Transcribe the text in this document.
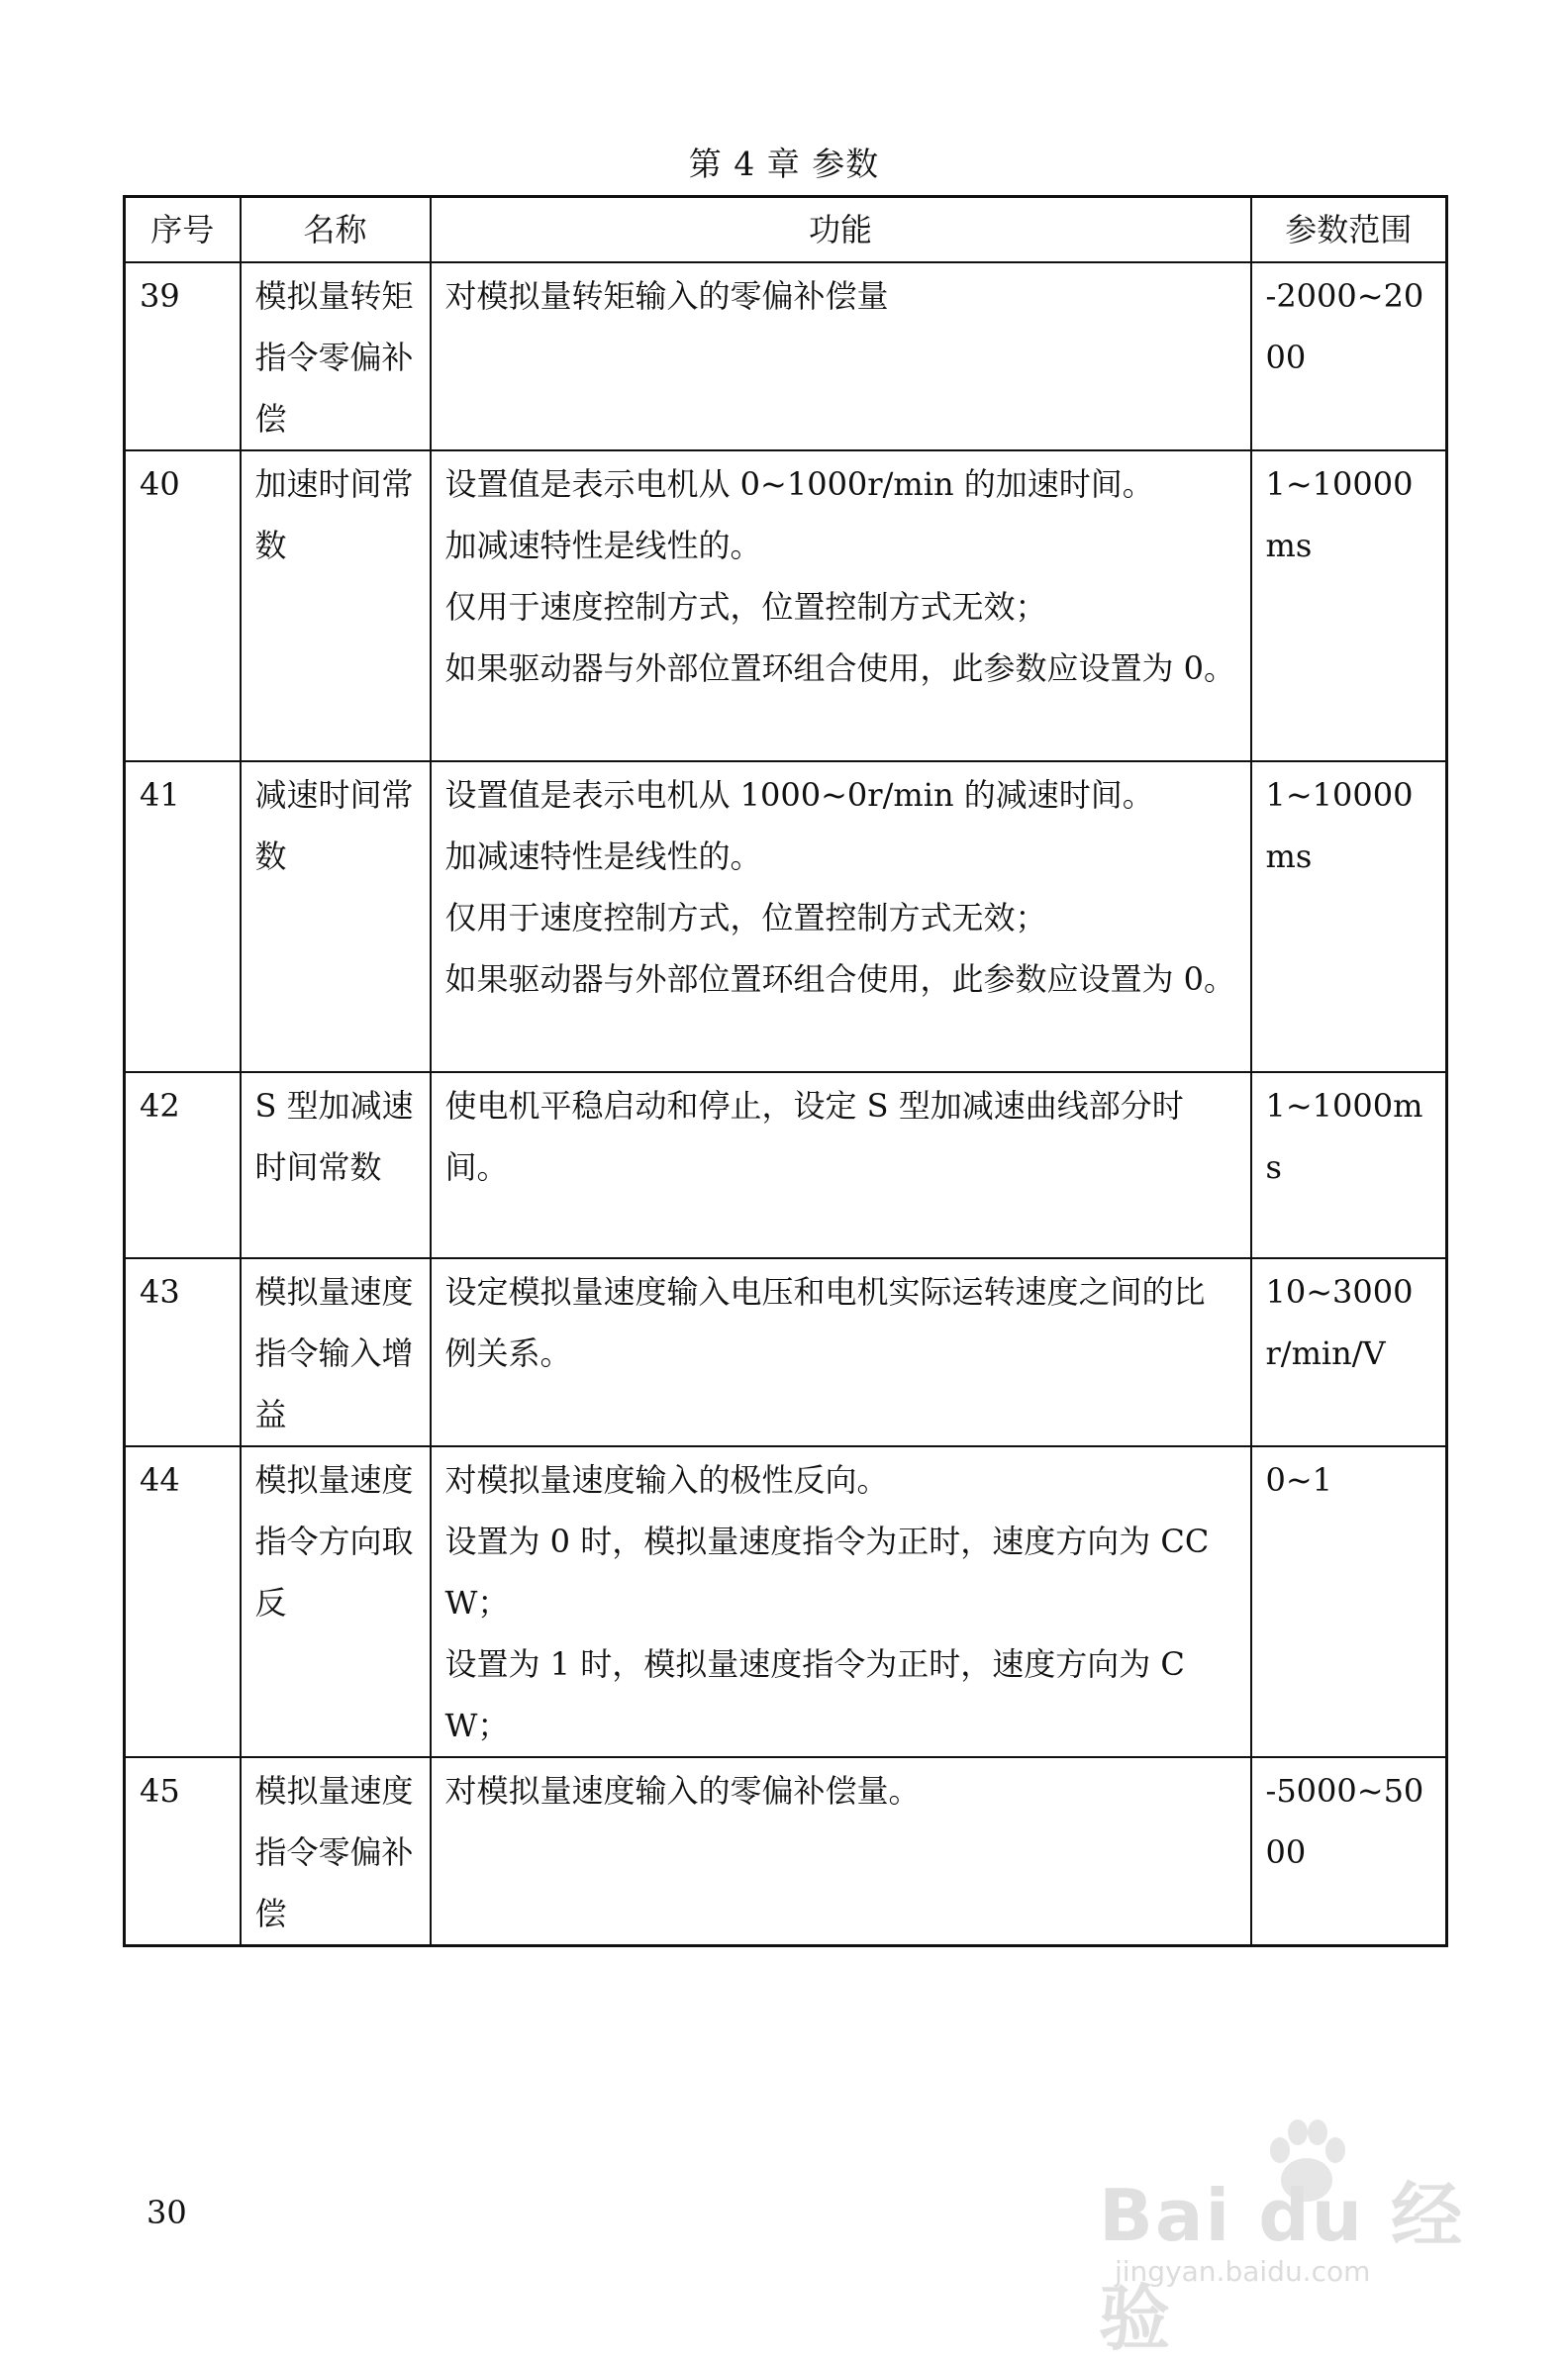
第 4 章 参数
序号	名称	功能	参数范围
39	模拟量转矩指令零偏补偿	对模拟量转矩输入的零偏补偿量	-2000~2000
40	加速时间常数	设置值是表示电机从 0~1000r/min 的加速时间。
加减速特性是线性的。
仅用于速度控制方式，位置控制方式无效；
如果驱动器与外部位置环组合使用，此参数应设置为 0。	1~10000 ms
41	减速时间常数	设置值是表示电机从 1000~0r/min 的减速时间。
加减速特性是线性的。
仅用于速度控制方式，位置控制方式无效；
如果驱动器与外部位置环组合使用，此参数应设置为 0。	1~10000 ms
42	S 型加减速时间常数	使电机平稳启动和停止，设定 S 型加减速曲线部分时间。	1~1000ms
43	模拟量速度指令输入增益	设定模拟量速度输入电压和电机实际运转速度之间的比例关系。	10~3000 r/min/V
44	模拟量速度指令方向取反	对模拟量速度输入的极性反向。
设置为 0 时，模拟量速度指令为正时，速度方向为 CCW；
设置为 1 时，模拟量速度指令为正时，速度方向为 CW；	0~1
45	模拟量速度指令零偏补偿	对模拟量速度输入的零偏补偿量。	-5000~5000
30	Bai du 经验
jingyan.baidu.com
